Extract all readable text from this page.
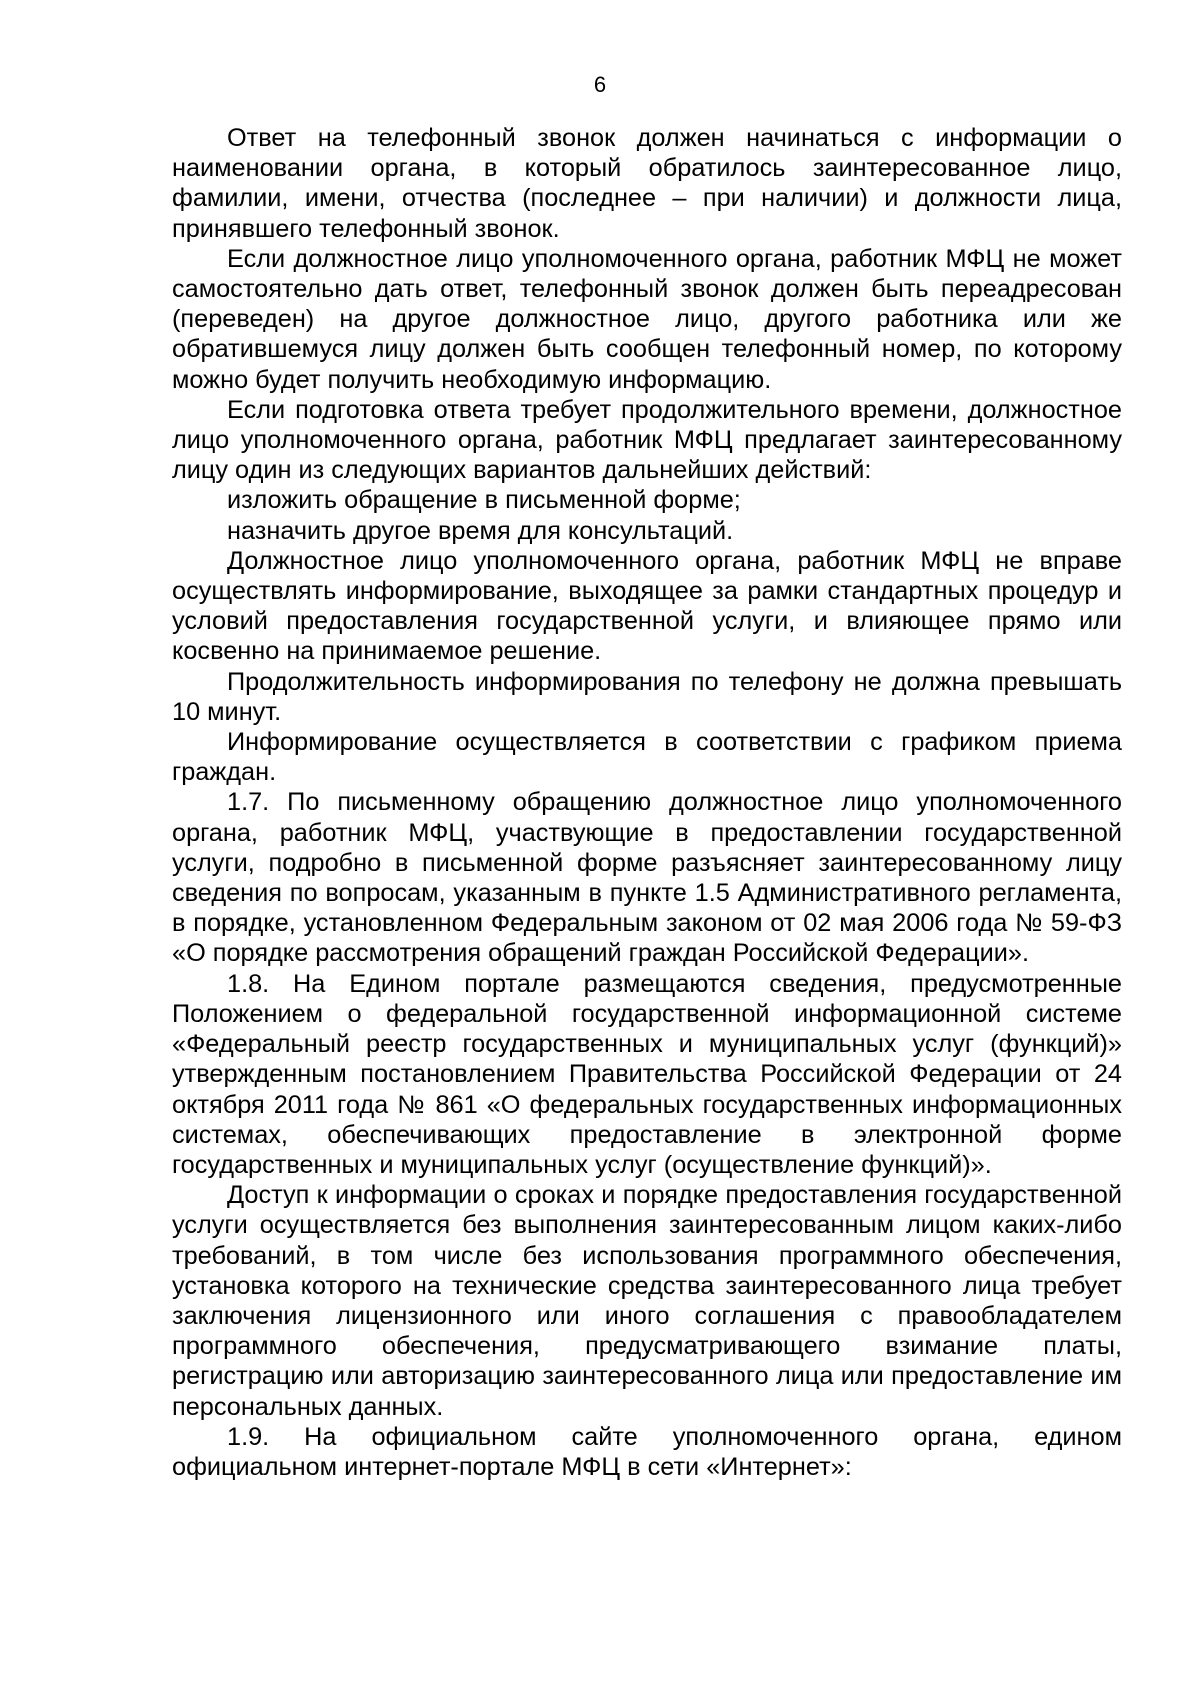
6

Ответ на телефонный звонок должен начинаться с информации о наименовании органа, в который обратилось заинтересованное лицо, фамилии, имени, отчества (последнее – при наличии) и должности лица, принявшего телефонный звонок.

Если должностное лицо уполномоченного органа, работник МФЦ не может самостоятельно дать ответ, телефонный звонок должен быть переадресован (переведен) на другое должностное лицо, другого работника или же обратившемуся лицу должен быть сообщен телефонный номер, по которому можно будет получить необходимую информацию.

Если подготовка ответа требует продолжительного времени, должностное лицо уполномоченного органа, работник МФЦ предлагает заинтересованному лицу один из следующих вариантов дальнейших действий:

изложить обращение в письменной форме;

назначить другое время для консультаций.

Должностное лицо уполномоченного органа, работник МФЦ не вправе осуществлять информирование, выходящее за рамки стандартных процедур и условий предоставления государственной услуги, и влияющее прямо или косвенно на принимаемое решение.

Продолжительность информирования по телефону не должна превышать 10 минут.

Информирование осуществляется в соответствии с графиком приема граждан.

1.7. По письменному обращению должностное лицо уполномоченного органа, работник МФЦ, участвующие в предоставлении государственной услуги, подробно в письменной форме разъясняет заинтересованному лицу сведения по вопросам, указанным в пункте 1.5 Административного регламента, в порядке, установленном Федеральным законом от 02 мая 2006 года № 59-ФЗ «О порядке рассмотрения обращений граждан Российской Федерации».

1.8. На Едином портале размещаются сведения, предусмотренные Положением о федеральной государственной информационной системе «Федеральный реестр государственных и муниципальных услуг (функций)» утвержденным постановлением Правительства Российской Федерации от 24 октября 2011 года № 861 «О федеральных государственных информационных системах, обеспечивающих предоставление в электронной форме государственных и муниципальных услуг (осуществление функций)».

Доступ к информации о сроках и порядке предоставления государственной услуги осуществляется без выполнения заинтересованным лицом каких-либо требований, в том числе без использования программного обеспечения, установка которого на технические средства заинтересованного лица требует заключения лицензионного или иного соглашения с правообладателем программного обеспечения, предусматривающего взимание платы, регистрацию или авторизацию заинтересованного лица или предоставление им персональных данных.

1.9. На официальном сайте уполномоченного органа, едином официальном интернет-портале МФЦ в сети «Интернет»:
